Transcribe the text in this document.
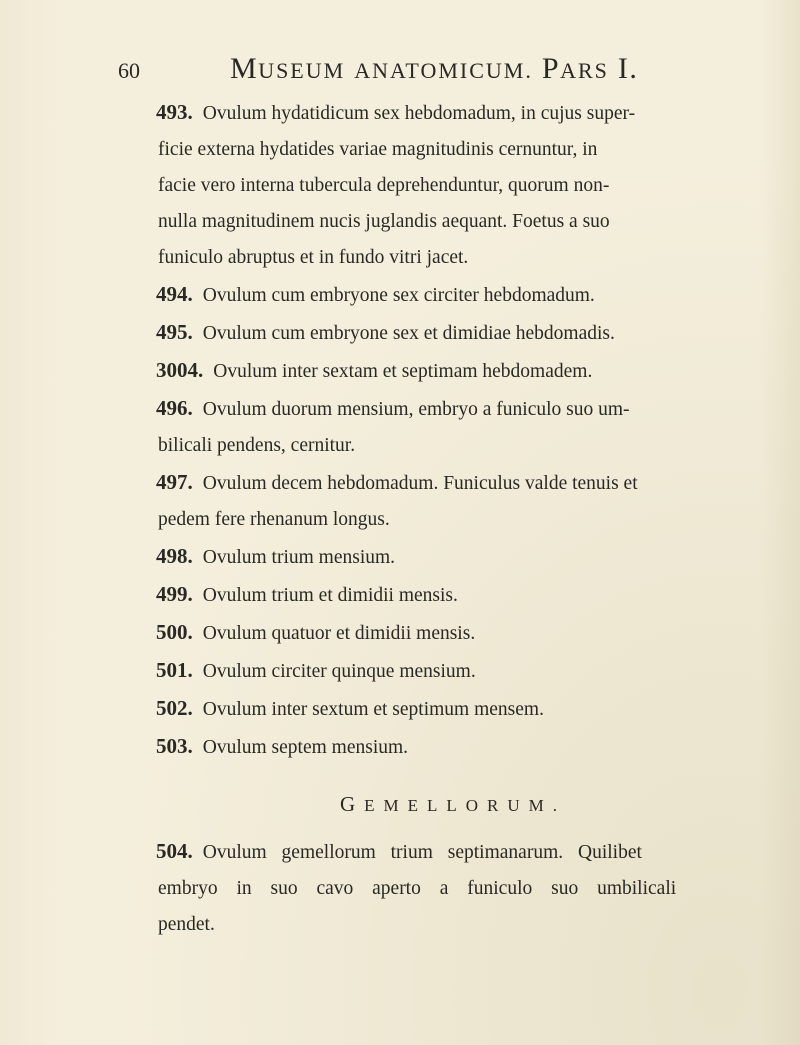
60	MUSEUM ANATOMICUM. PARS I.

493. Ovulum hydatidicum sex hebdomadum, in cujus super-
ficie externa hydatides variae magnitudinis cernuntur, in
facie vero interna tubercula deprehenduntur, quorum non-
nulla magnitudinem nucis juglandis aequant. Foetus a suo
funiculo abruptus et in fundo vitri jacet.

494. Ovulum cum embryone sex circiter hebdomadum.

495. Ovulum cum embryone sex et dimidiae hebdomadis.

3004. Ovulum inter sextam et septimam hebdomadem.

496. Ovulum duorum mensium, embryo a funiculo suo um-
bilicali pendens, cernitur.

497. Ovulum decem hebdomadum. Funiculus valde tenuis et
pedem fere rhenanum longus.

498. Ovulum trium mensium.

499. Ovulum trium et dimidii mensis.

500. Ovulum quatuor et dimidii mensis.

501. Ovulum circiter quinque mensium.

502. Ovulum inter sextum et septimum mensem.

503. Ovulum septem mensium.

GEMELLORUM.

504. Ovulum gemellorum trium septimanarum. Quilibet
embryo in suo cavo aperto a funiculo suo umbilicali
pendet.
